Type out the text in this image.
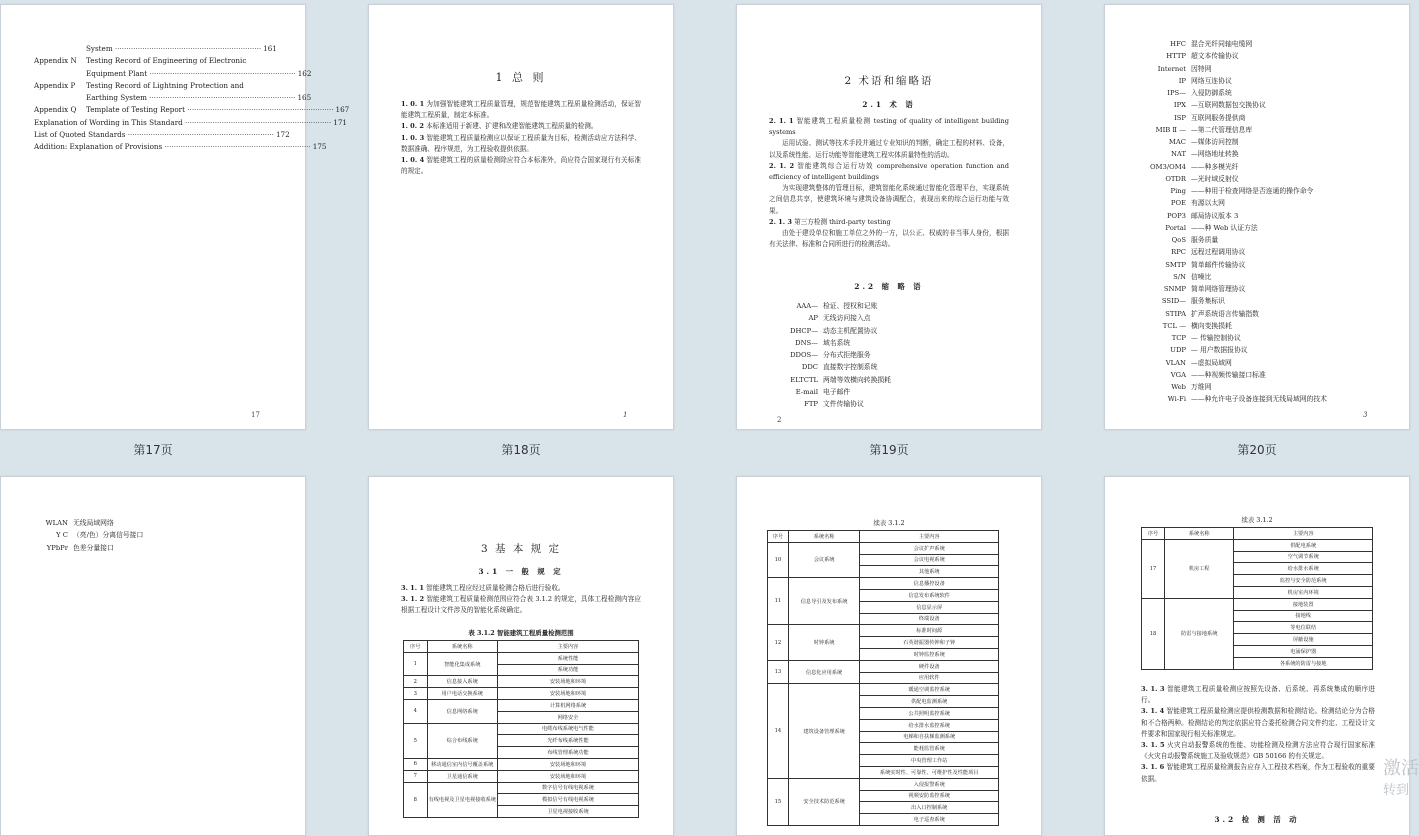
System ·····	161
Appendix N	Testing Record of Engineering of Electronic
Equipment Plant ·····	162
Appendix P	Testing Record of Lightning Protection and
Earthing System ·····	165
Appendix Q	Template of Testing Report ·····	167
Explanation of Wording in This Standard ·····	171
List of Quoted Standards ·····	172
Addition: Explanation of Provisions ·····	175
17
1 总 则

1. 0. 1 为加强智能建筑工程质量管理，规范智能建筑工程质量检测活动，保证智能建筑工程质量，制定本标准。

1. 0. 2 本标准适用于新建、扩建和改建智能建筑工程质量的检测。

1. 0. 3 智能建筑工程质量检测应以保证工程质量为目标，检测活动应方法科学、数据准确、程序规范，为工程验收提供依据。

1. 0. 4 智能建筑工程的质量检测除应符合本标准外，尚应符合国家现行有关标准的规定。

1
2 术语和缩略语
2.1 术 语

2. 1. 1 智能建筑工程质量检测 testing of quality of intelligent building systems

运用试验、测试等技术手段并通过专业知识的判断，确定工程的材料、设备，以及系统性能、运行功能等智能建筑工程实体质量特性的活动。

2. 1. 2 智能建筑综合运行功效 comprehensive operation function and efficiency of intelligent buildings

为实现建筑整体的管理目标，建筑智能化系统通过智能化管理平台，实现系统之间信息共享，使建筑环境与建筑设备协调配合，表现出来的综合运行功能与效果。

2. 1. 3 第三方检测 third-party testing

由处于建设单位和施工单位之外的一方，以公正、权威的非当事人身份，根据有关法律、标准和合同所进行的检测活动。

2.2 缩 略 语
AAA— 检证、授权和记账
AP 无线访问接入点
DHCP— 动态主机配置协议
DNS— 域名系统
DDOS— 分布式拒绝服务
DDC 直接数字控制系统
ELTCTL 两端等效横向转换损耗
E-mail 电子邮件
FTP 文件传输协议
2
HFC 混合光纤同轴电缆网
HTTP 超文本传输协议
Internet 因特网
IP 网络互连协议
IPS— 入侵防御系统
IPX —互联网数据包交换协议
ISP 互联网服务提供商
MIB Ⅱ — —第二代管理信息库
MAC —媒体访问控制
NAT —网络地址转换
OM3/OM4 ——种多模光纤
OTDR —光时域反射仪
Ping ——种用于检查网络是否连通的操作命令
POE 有源以太网
POP3 邮局协议版本 3
Portal ——种 Web 认证方法
QoS 服务质量
RPC 远程过程调用协议
SMTP 简单邮件传输协议
S/N 信噪比
SNMP 简单网络管理协议
SSID— 服务集标识
STIPA 扩声系统语言传输指数
TCL — 横向变换损耗
TCP — 传输控制协议
UDP — 用户数据报协议
VLAN —虚拟局域网
VGA ——种视频传输接口标准
Web 万维网
Wi-Fi ——种允许电子设备连接到无线局域网的技术
3
第17页	第18页	第19页	第20页
WLAN 无线局域网络
Y C （亮/色）分离信号接口
YPbPr 色差分量接口	3 基 本 规 定
3.1 一 般 规 定

3. 1. 1 智能建筑工程应经过质量检测合格后进行验收。

3. 1. 2 智能建筑工程质量检测范围应符合表 3.1.2 的规定，具体工程检测内容应根据工程设计文件涉及的智能化系统确定。

表 3.1.2 智能建筑工程质量检测范围
序号	系统名称	主要内容
1	智能化集成系统	系统性能
		系统功能
2	信息接入系统	安装场地和环境
3	用户电话交换系统	安装场地和环境
4	信息网络系统	计算机网络系统
		网络安全
5	综合布线系统	电缆布线系统电气性能
		光纤布线系统性能
		布线管理系统功能
6	移动通信室内信号覆盖系统	安装场地和环境
7	卫星通信系统	安装场地和环境
8	有线电视及卫星电视接收系统	数字信号有线电视系统
		模拟信号有线电视系统
		卫星电视接收系统
续表 3.1.2
序号	系统名称	主要内容
10	会议系统	会议扩声系统
		会议电视系统
		其他系统
11	信息导引及发布系统	信息播控设备
		信息发布系统软件
		信息显示屏
		终端设备
12	时钟系统	标准时间源
		石英谐振器传钟和子钟
		时钟监控系统
13	信息化应用系统	硬件设备
		应用软件
14	建筑设备管理系统	暖通空调监控系统
		供配电监测系统
		公共照明监控系统
		给水排水监控系统
		电梯和自扶梯监测系统
		能耗监管系统
		中央管理工作站
		系统实时性、可靠性、可维护性及性能项目
15	安全技术防范系统	入侵报警系统
		视频安防监控系统
		出入口控制系统
		电子巡查系统
续表 3.1.2
序号	系统名称	主要内容
17	机房工程	供配电系统
		空气调节系统
		给水排水系统
		监控与安全防范系统
		机房室内环境
18	防雷与接地系统	接地装置
		接地线
		等电位联结
		屏蔽设施
		电涌保护器
		各系统的防雷与接地

3. 1. 3 智能建筑工程质量检测应按照先设备、后系统、再系统集成的顺序进行。

3. 1. 4 智能建筑工程质量检测应提供检测数据和检测结论。检测结论分为合格和不合格两种。检测结论的判定依据应符合委托检测合同文件约定、工程设计文件要求和国家现行相关标准规定。

3. 1. 5 火灾自动报警系统的性能、功能检测及检测方法应符合现行国家标准《火灾自动报警系统施工及验收规范》GB 50166 的有关规定。

3. 1. 6 智能建筑工程质量检测报告应存入工程技术档案，作为工程验收的重要依据。

3.2 检 测 活 动
激活
转到
